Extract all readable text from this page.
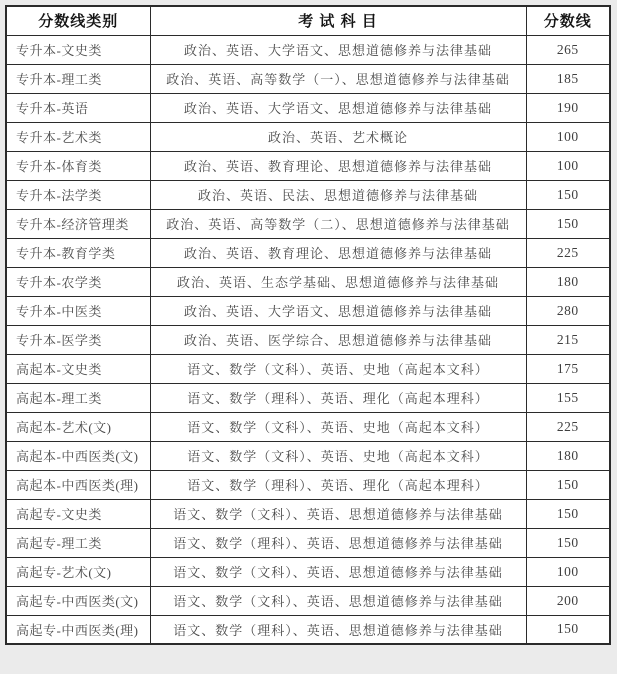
分数线类别	考 试 科 目	分数线
专升本-文史类	政治、英语、大学语文、思想道德修养与法律基础	265
专升本-理工类	政治、英语、高等数学（一）、思想道德修养与法律基础	185
专升本-英语	政治、英语、大学语文、思想道德修养与法律基础	190
专升本-艺术类	政治、英语、艺术概论	100
专升本-体育类	政治、英语、教育理论、思想道德修养与法律基础	100
专升本-法学类	政治、英语、民法、思想道德修养与法律基础	150
专升本-经济管理类	政治、英语、高等数学（二）、思想道德修养与法律基础	150
专升本-教育学类	政治、英语、教育理论、思想道德修养与法律基础	225
专升本-农学类	政治、英语、生态学基础、思想道德修养与法律基础	180
专升本-中医类	政治、英语、大学语文、思想道德修养与法律基础	280
专升本-医学类	政治、英语、医学综合、思想道德修养与法律基础	215
高起本-文史类	语文、数学（文科）、英语、史地（高起本文科）	175
高起本-理工类	语文、数学（理科）、英语、理化（高起本理科）	155
高起本-艺术(文)	语文、数学（文科）、英语、史地（高起本文科）	225
高起本-中西医类(文)	语文、数学（文科）、英语、史地（高起本文科）	180
高起本-中西医类(理)	语文、数学（理科）、英语、理化（高起本理科）	150
高起专-文史类	语文、数学（文科）、英语、思想道德修养与法律基础	150
高起专-理工类	语文、数学（理科）、英语、思想道德修养与法律基础	150
高起专-艺术(文)	语文、数学（文科）、英语、思想道德修养与法律基础	100
高起专-中西医类(文)	语文、数学（文科）、英语、思想道德修养与法律基础	200
高起专-中西医类(理)	语文、数学（理科）、英语、思想道德修养与法律基础	150
